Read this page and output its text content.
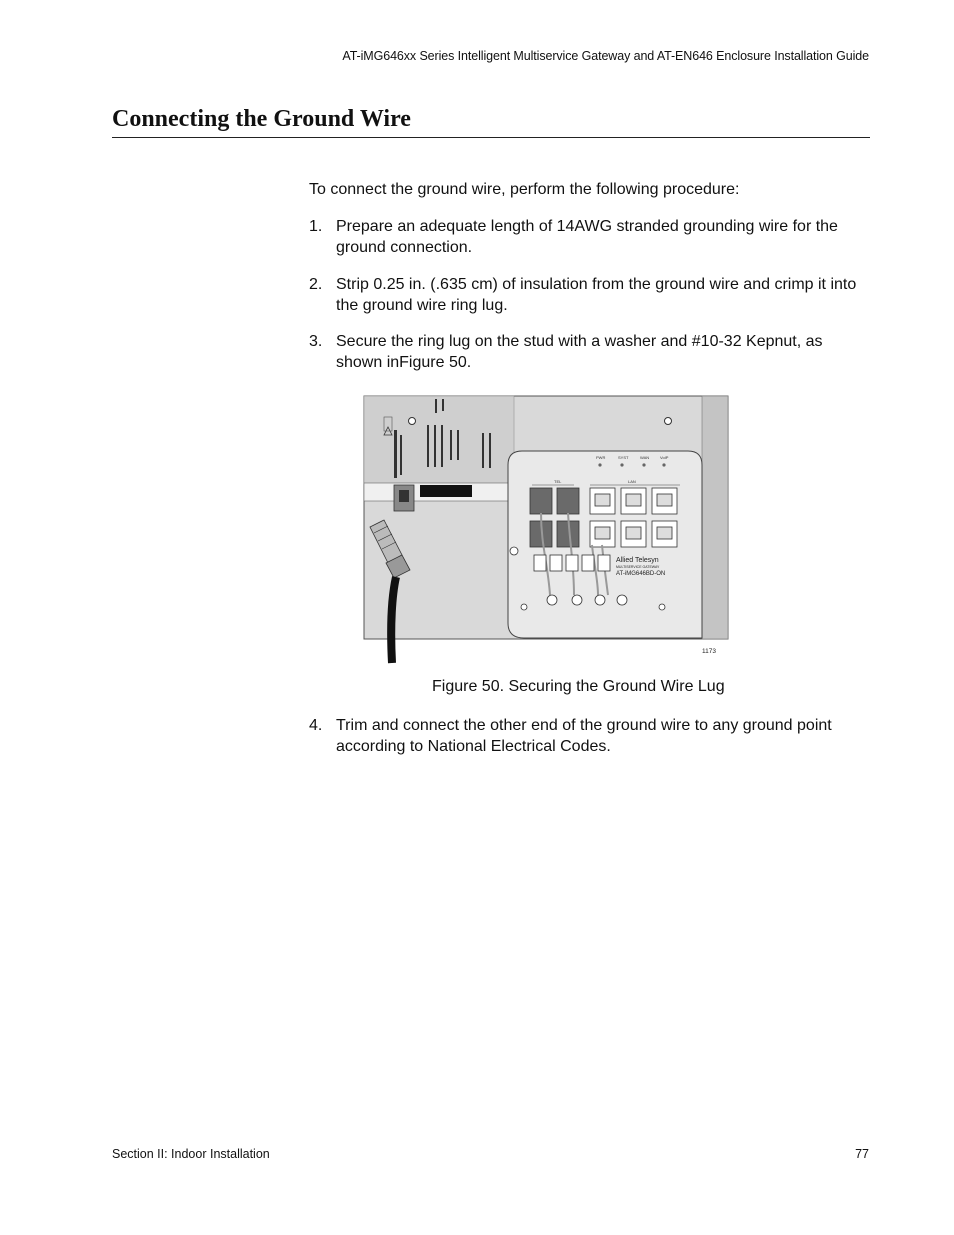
AT-iMG646xx Series Intelligent Multiservice Gateway and AT-EN646 Enclosure Installation Guide
Connecting the Ground Wire
To connect the ground wire, perform the following procedure:
1. Prepare an adequate length of 14AWG stranded grounding wire for the ground connection.
2. Strip 0.25 in. (.635 cm) of insulation from the ground wire and crimp it into the ground wire ring lug.
3. Secure the ring lug on the stud with a washer and #10-32 Kepnut, as shown inFigure 50.
PWR	SYST	WAN	VoIP
TEL	LAN
Allied Telesyn
MULTISERVICE GATEWAY
AT-iMG646BD-ON
1173
Figure 50. Securing the Ground Wire Lug
4. Trim and connect the other end of the ground wire to any ground point according to National Electrical Codes.
Section II: Indoor Installation	77
